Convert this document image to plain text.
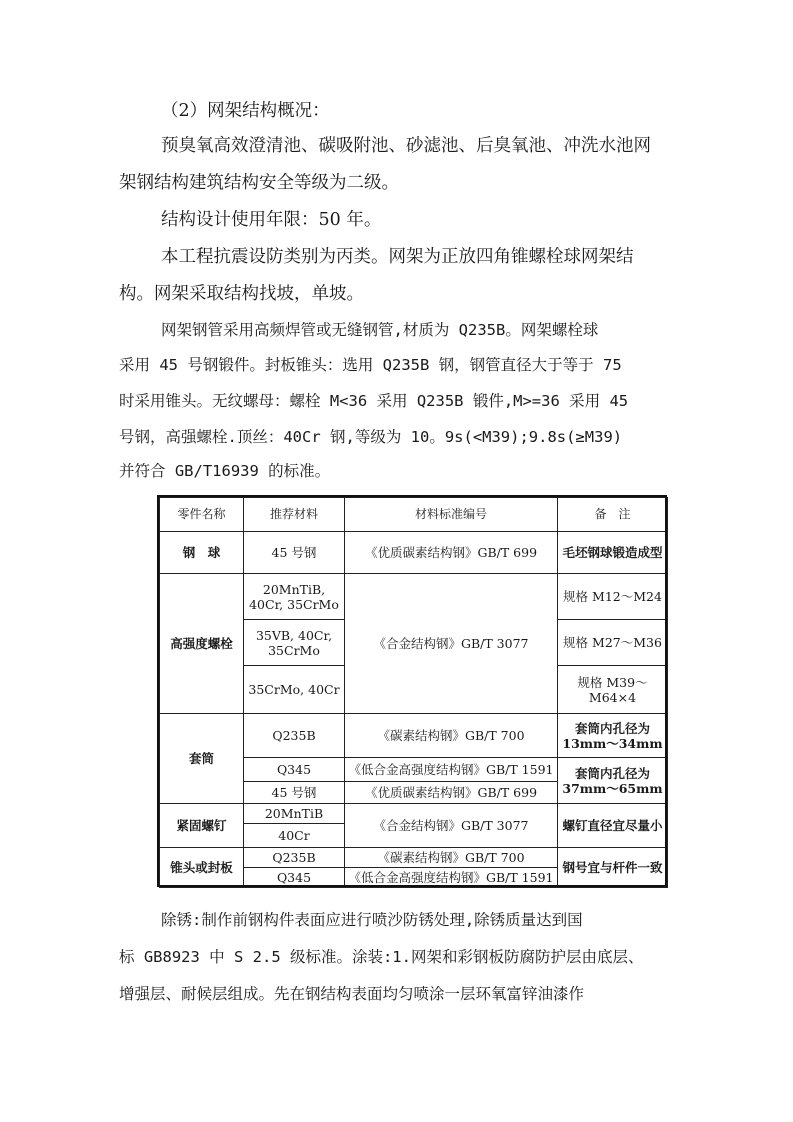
（2）网架结构概况：
预臭氧高效澄清池、碳吸附池、砂滤池、后臭氧池、冲洗水池网
架钢结构建筑结构安全等级为二级。
结构设计使用年限：50 年。
本工程抗震设防类别为丙类。网架为正放四角锥螺栓球网架结
构。网架采取结构找坡，单坡。
网架钢管采用高频焊管或无缝钢管,材质为 Q235B。网架螺栓球
采用 45 号钢锻件。封板锥头：选用 Q235B 钢，钢管直径大于等于 75
时采用锥头。无纹螺母：螺栓 M<36 采用 Q235B 锻件,M>=36 采用 45
号钢，高强螺栓.顶丝：40Cr 钢,等级为 10。9s(<M39);9.8s(≥M39)
并符合 GB/T16939 的标准。
零件名称	推荐材料	材料标准编号	备　注
钢　球	45 号钢	《优质碳素结构钢》GB/T 699	毛坯钢球锻造成型
高强度螺栓	20MnTiB, 40Cr, 35CrMo	《合金结构钢》GB/T 3077	规格 M12～M24
	35VB, 40Cr, 35CrMo		规格 M27～M36
	35CrMo, 40Cr		规格 M39～M64×4
套筒	Q235B	《碳素结构钢》GB/T 700	套筒内孔径为 13mm～34mm
	Q345	《低合金高强度结构钢》GB/T 1591	套筒内孔径为 37mm～65mm
	45 号钢	《优质碳素结构钢》GB/T 699	
紧固螺钉	20MnTiB	《合金结构钢》GB/T 3077	螺钉直径宜尽量小
	40Cr		
锥头或封板	Q235B	《碳素结构钢》GB/T 700	钢号宜与杆件一致
	Q345	《低合金高强度结构钢》GB/T 1591	
除锈:制作前钢构件表面应进行喷沙防锈处理,除锈质量达到国
标 GB8923 中 S 2.5 级标准。涂装:1.网架和彩钢板防腐防护层由底层、
增强层、耐候层组成。先在钢结构表面均匀喷涂一层环氧富锌油漆作
